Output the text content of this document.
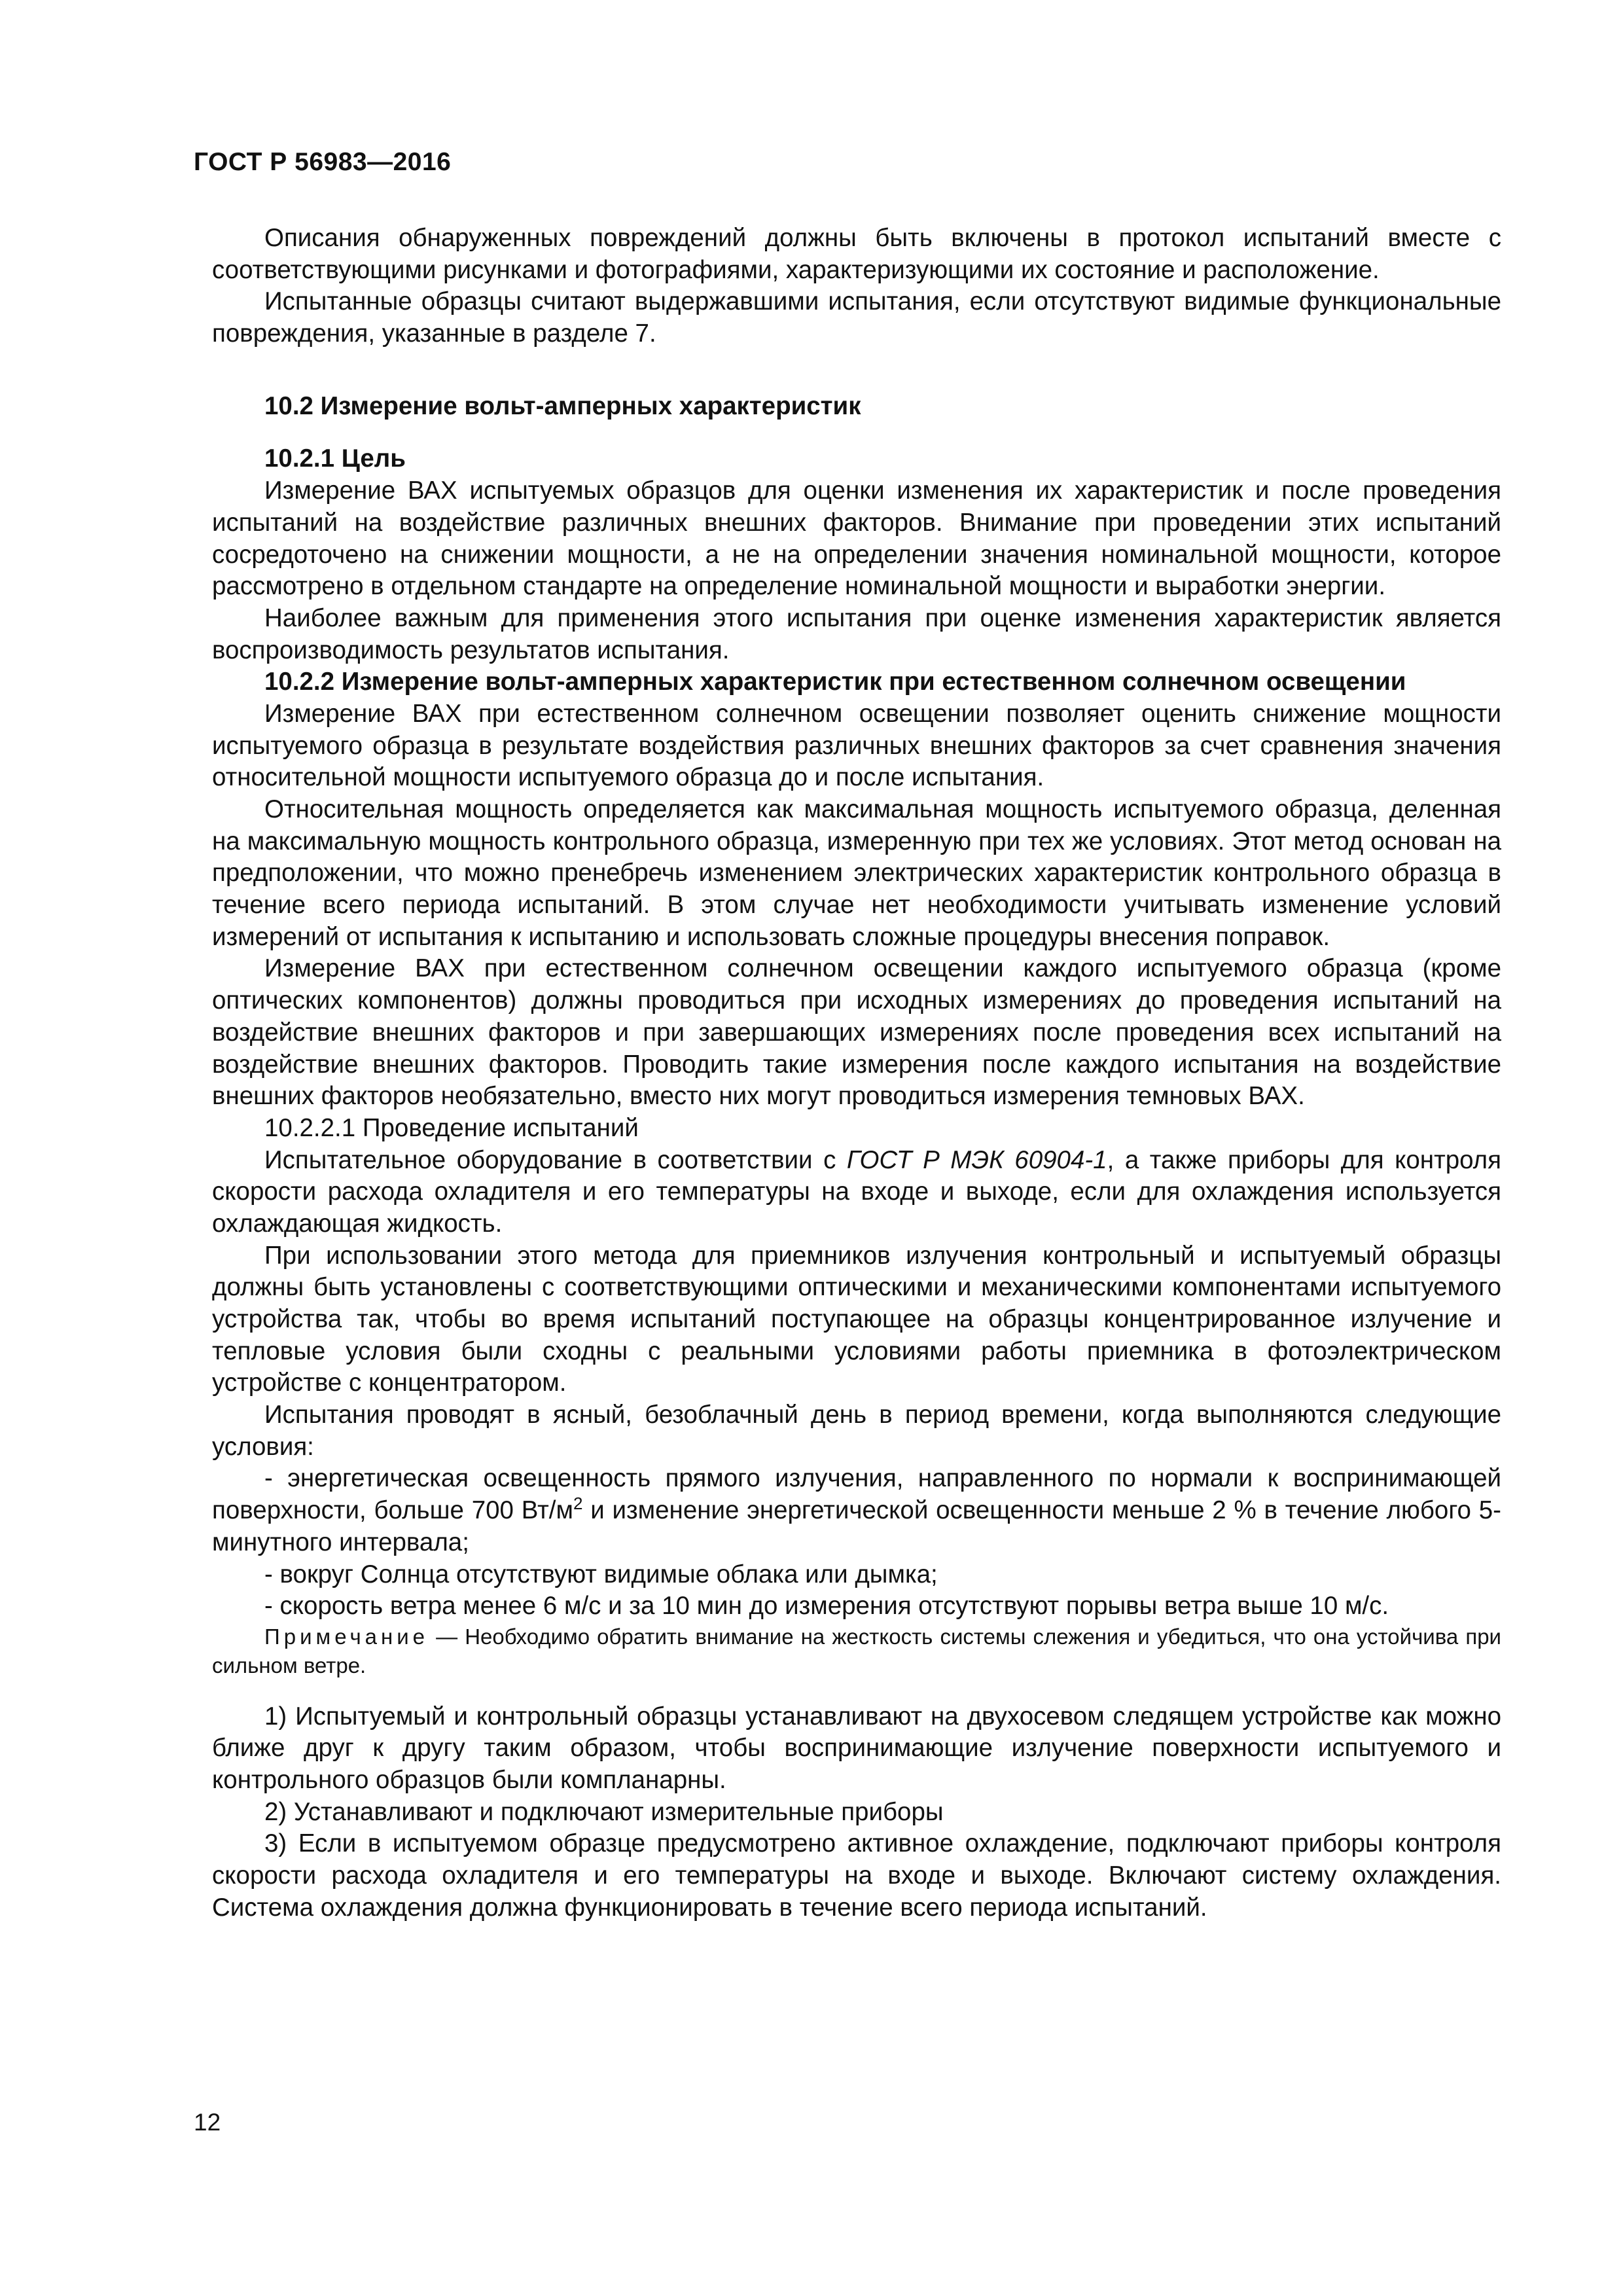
ГОСТ Р 56983—2016

Описания обнаруженных повреждений должны быть включены в протокол испытаний вместе с соответствующими рисунками и фотографиями, характеризующими их состояние и расположение.

Испытанные образцы считают выдержавшими испытания, если отсутствуют видимые функциональные повреждения, указанные в разделе 7.

10.2 Измерение вольт-амперных характеристик

10.2.1 Цель

Измерение ВАХ испытуемых образцов для оценки изменения их характеристик и после проведения испытаний на воздействие различных внешних факторов. Внимание при проведении этих испытаний сосредоточено на снижении мощности, а не на определении значения номинальной мощности, которое рассмотрено в отдельном стандарте на определение номинальной мощности и выработки энергии.

Наиболее важным для применения этого испытания при оценке изменения характеристик является воспроизводимость результатов испытания.

10.2.2 Измерение вольт-амперных характеристик при естественном солнечном освещении

Измерение ВАХ при естественном солнечном освещении позволяет оценить снижение мощности испытуемого образца в результате воздействия различных внешних факторов за счет сравнения значения относительной мощности испытуемого образца до и после испытания.

Относительная мощность определяется как максимальная мощность испытуемого образца, деленная на максимальную мощность контрольного образца, измеренную при тех же условиях. Этот метод основан на предположении, что можно пренебречь изменением электрических характеристик контрольного образца в течение всего периода испытаний. В этом случае нет необходимости учитывать изменение условий измерений от испытания к испытанию и использовать сложные процедуры внесения поправок.

Измерение ВАХ при естественном солнечном освещении каждого испытуемого образца (кроме оптических компонентов) должны проводиться при исходных измерениях до проведения испытаний на воздействие внешних факторов и при завершающих измерениях после проведения всех испытаний на воздействие внешних факторов. Проводить такие измерения после каждого испытания на воздействие внешних факторов необязательно, вместо них могут проводиться измерения темновых ВАХ.

10.2.2.1 Проведение испытаний

Испытательное оборудование в соответствии с ГОСТ Р МЭК 60904-1, а также приборы для контроля скорости расхода охладителя и его температуры на входе и выходе, если для охлаждения используется охлаждающая жидкость.

При использовании этого метода для приемников излучения контрольный и испытуемый образцы должны быть установлены с соответствующими оптическими и механическими компонентами испытуемого устройства так, чтобы во время испытаний поступающее на образцы концентрированное излучение и тепловые условия были сходны с реальными условиями работы приемника в фотоэлектрическом устройстве с концентратором.

Испытания проводят в ясный, безоблачный день в период времени, когда выполняются следующие условия:

- энергетическая освещенность прямого излучения, направленного по нормали к воспринимающей поверхности, больше 700 $Вт/м^2$ и изменение энергетической освещенности меньше 2 % в течение любого 5-минутного интервала;

- вокруг Солнца отсутствуют видимые облака или дымка;

- скорость ветра менее 6 м/с и за 10 мин до измерения отсутствуют порывы ветра выше 10 м/с.

Примечание — Необходимо обратить внимание на жесткость системы слежения и убедиться, что она устойчива при сильном ветре.

1) Испытуемый и контрольный образцы устанавливают на двухосевом следящем устройстве как можно ближе друг к другу таким образом, чтобы воспринимающие излучение поверхности испытуемого и контрольного образцов были компланарны.

2) Устанавливают и подключают измерительные приборы

3) Если в испытуемом образце предусмотрено активное охлаждение, подключают приборы контроля скорости расхода охладителя и его температуры на входе и выходе. Включают систему охлаждения. Система охлаждения должна функционировать в течение всего периода испытаний.

12
